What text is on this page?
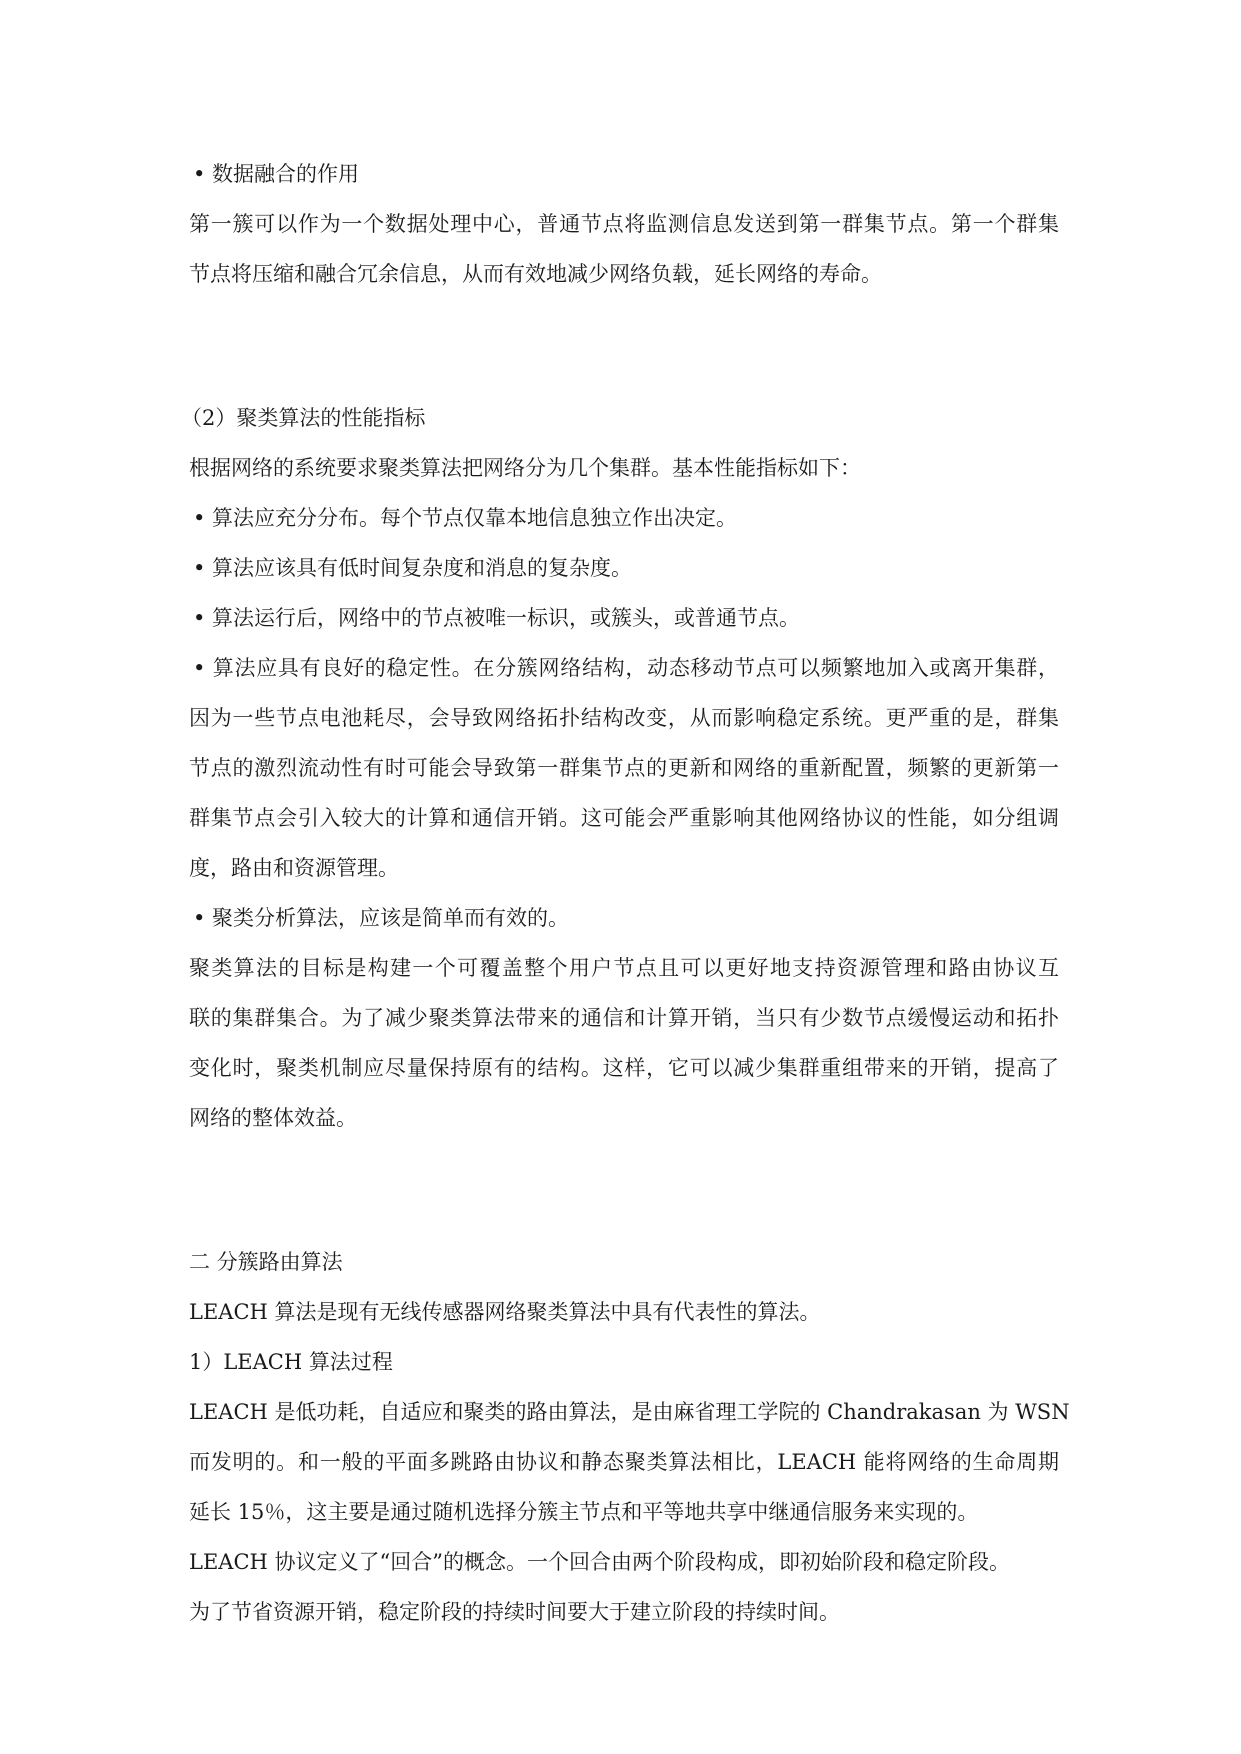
• 数据融合的作用
第一簇可以作为一个数据处理中心，普通节点将监测信息发送到第一群集节点。第一个群集
节点将压缩和融合冗余信息，从而有效地减少网络负载，延长网络的寿命。
（2）聚类算法的性能指标
根据网络的系统要求聚类算法把网络分为几个集群。基本性能指标如下：
• 算法应充分分布。每个节点仅靠本地信息独立作出决定。
• 算法应该具有低时间复杂度和消息的复杂度。
• 算法运行后，网络中的节点被唯一标识，或簇头，或普通节点。
• 算法应具有良好的稳定性。在分簇网络结构，动态移动节点可以频繁地加入或离开集群，
因为一些节点电池耗尽，会导致网络拓扑结构改变，从而影响稳定系统。更严重的是，群集
节点的激烈流动性有时可能会导致第一群集节点的更新和网络的重新配置，频繁的更新第一
群集节点会引入较大的计算和通信开销。这可能会严重影响其他网络协议的性能，如分组调
度，路由和资源管理。
• 聚类分析算法，应该是简单而有效的。
聚类算法的目标是构建一个可覆盖整个用户节点且可以更好地支持资源管理和路由协议互
联的集群集合。为了减少聚类算法带来的通信和计算开销，当只有少数节点缓慢运动和拓扑
变化时，聚类机制应尽量保持原有的结构。这样，它可以减少集群重组带来的开销，提高了
网络的整体效益。
二 分簇路由算法
LEACH 算法是现有无线传感器网络聚类算法中具有代表性的算法。
1）LEACH 算法过程
LEACH 是低功耗，自适应和聚类的路由算法，是由麻省理工学院的 Chandrakasan 为 WSN
而发明的。和一般的平面多跳路由协议和静态聚类算法相比，LEACH 能将网络的生命周期
延长 15％，这主要是通过随机选择分簇主节点和平等地共享中继通信服务来实现的。
LEACH 协议定义了“回合”的概念。一个回合由两个阶段构成，即初始阶段和稳定阶段。
为了节省资源开销，稳定阶段的持续时间要大于建立阶段的持续时间。
